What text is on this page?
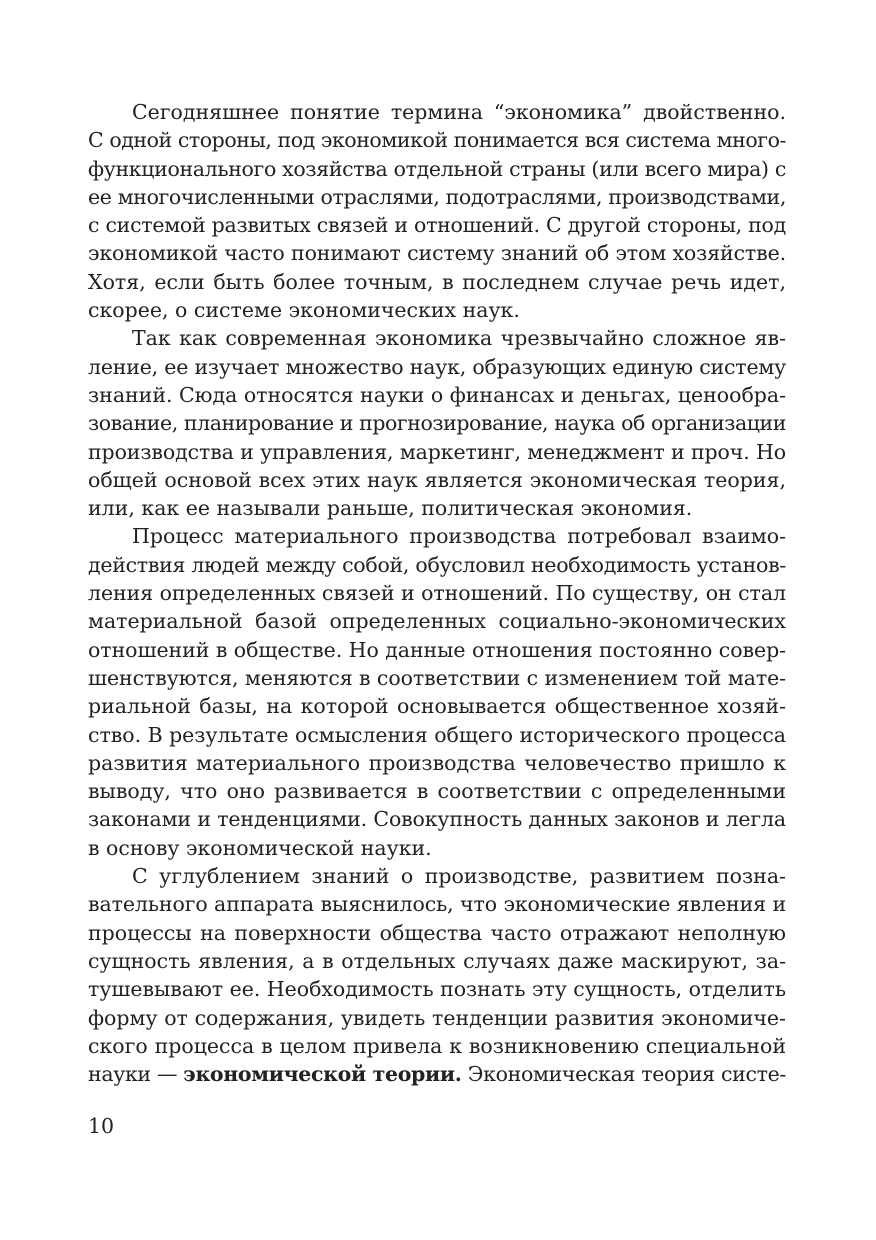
Сегодняшнее понятие термина “экономика” двойственно.
С одной стороны, под экономикой понимается вся система много-
функционального хозяйства отдельной страны (или всего мира) с
ее многочисленными отраслями, подотраслями, производствами,
с системой развитых связей и отношений. С другой стороны, под
экономикой часто понимают систему знаний об этом хозяйстве.
Хотя, если быть более точным, в последнем случае речь идет,
скорее, о системе экономических наук.
Так как современная экономика чрезвычайно сложное яв-
ление, ее изучает множество наук, образующих единую систему
знаний. Сюда относятся науки о финансах и деньгах, ценообра-
зование, планирование и прогнозирование, наука об организации
производства и управления, маркетинг, менеджмент и проч. Но
общей основой всех этих наук является экономическая теория,
или, как ее называли раньше, политическая экономия.
Процесс материального производства потребовал взаимо-
действия людей между собой, обусловил необходимость установ-
ления определенных связей и отношений. По существу, он стал
материальной базой определенных социально-экономических
отношений в обществе. Но данные отношения постоянно совер-
шенствуются, меняются в соответствии с изменением той мате-
риальной базы, на которой основывается общественное хозяй-
ство. В результате осмысления общего исторического процесса
развития материального производства человечество пришло к
выводу, что оно развивается в соответствии с определенными
законами и тенденциями. Совокупность данных законов и легла
в основу экономической науки.
С углублением знаний о производстве, развитием позна-
вательного аппарата выяснилось, что экономические явления и
процессы на поверхности общества часто отражают неполную
сущность явления, а в отдельных случаях даже маскируют, за-
тушевывают ее. Необходимость познать эту сущность, отделить
форму от содержания, увидеть тенденции развития экономиче-
ского процесса в целом привела к возникновению специальной
науки — экономической теории. Экономическая теория систе-
10
